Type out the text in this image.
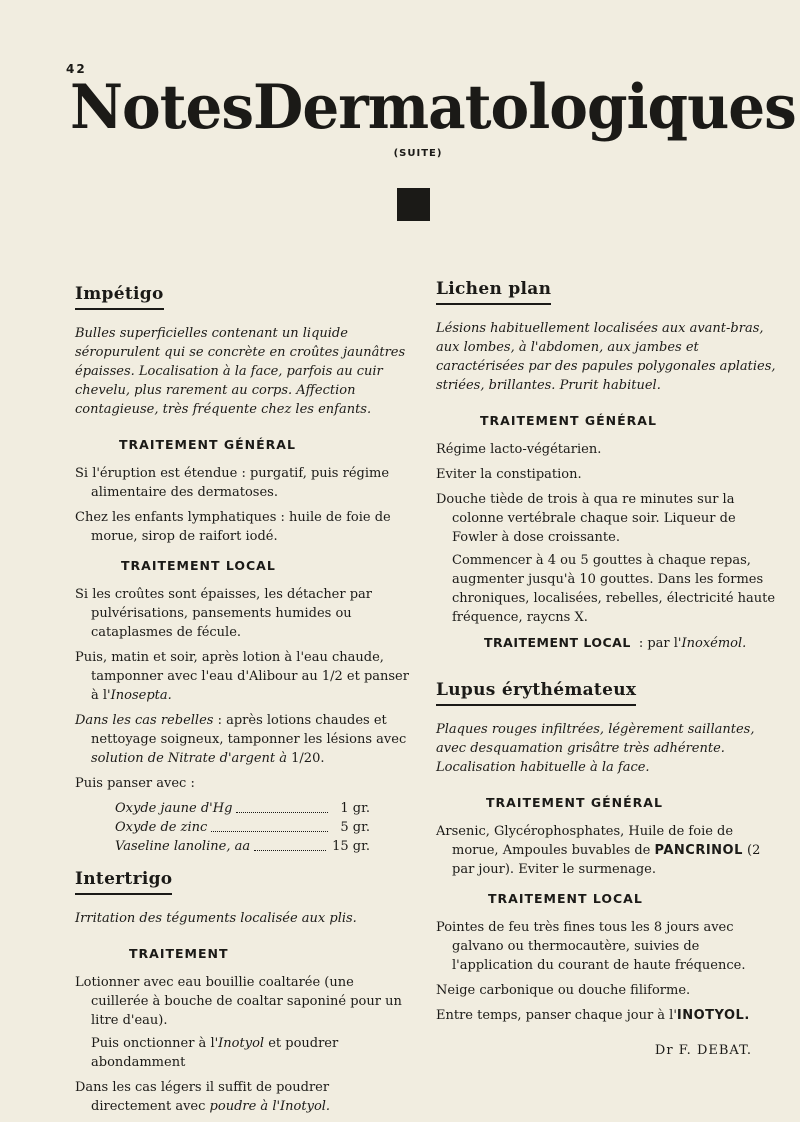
42
Notes Dermatologiques
(SUITE)
Impétigo

Bulles superficielles contenant un liquide séropurulent qui se concrète en croûtes jaunâtres épaisses. Localisation à la face, parfois au cuir chevelu, plus rarement au corps. Affection contagieuse, très fréquente chez les enfants.

TRAITEMENT GÉNÉRAL

Si l'éruption est étendue : purgatif, puis régime alimentaire des dermatoses.

Chez les enfants lymphatiques : huile de foie de morue, sirop de raifort iodé.

TRAITEMENT LOCAL

Si les croûtes sont épaisses, les détacher par pulvérisations, pansements humides ou cataplasmes de fécule.

Puis, matin et soir, après lotion à l'eau chaude, tamponner avec l'eau d'Alibour au 1/2 et panser à l'Inosepta.

Dans les cas rebelles : après lotions chaudes et nettoyage soigneux, tamponner les lésions avec solution de Nitrate d'argent à 1/20.

Puis panser avec :

Oxyde jaune d'Hg	1 gr.
Oxyde de zinc	5 gr.
Vaseline lanoline, aa	15 gr.
Intertrigo

Irritation des téguments localisée aux plis.

TRAITEMENT

Lotionner avec eau bouillie coaltarée (une cuillerée à bouche de coaltar saponiné pour un litre d'eau).

Puis onctionner à l'Inotyol et poudrer abondamment

Dans les cas légers il suffit de poudrer directement avec poudre à l'Inotyol.

Lichen plan

Lésions habituellement localisées aux avant-bras, aux lombes, à l'abdomen, aux jambes et caractérisées par des papules polygonales aplaties, striées, brillantes. Prurit habituel.

TRAITEMENT GÉNÉRAL

Régime lacto-végétarien.

Eviter la constipation.

Douche tiède de trois à qua re minutes sur la colonne vertébrale chaque soir. Liqueur de Fowler à dose croissante.

Commencer à 4 ou 5 gouttes à chaque repas, augmenter jusqu'à 10 gouttes. Dans les formes chroniques, localisées, rebelles, électricité haute fréquence, raycns X.

TRAITEMENT LOCAL : par l'Inoxémol.
Lupus érythémateux

Plaques rouges infiltrées, légèrement saillantes, avec desquamation grisâtre très adhérente. Localisation habituelle à la face.

TRAITEMENT GÉNÉRAL

Arsenic, Glycérophosphates, Huile de foie de morue, Ampoules buvables de PANCRINOL (2 par jour). Eviter le surmenage.

TRAITEMENT LOCAL

Pointes de feu très fines tous les 8 jours avec galvano ou thermocautère, suivies de l'application du courant de haute fréquence.

Neige carbonique ou douche filiforme.

Entre temps, panser chaque jour à l'INOTYOL.

Dr F. DEBAT.
